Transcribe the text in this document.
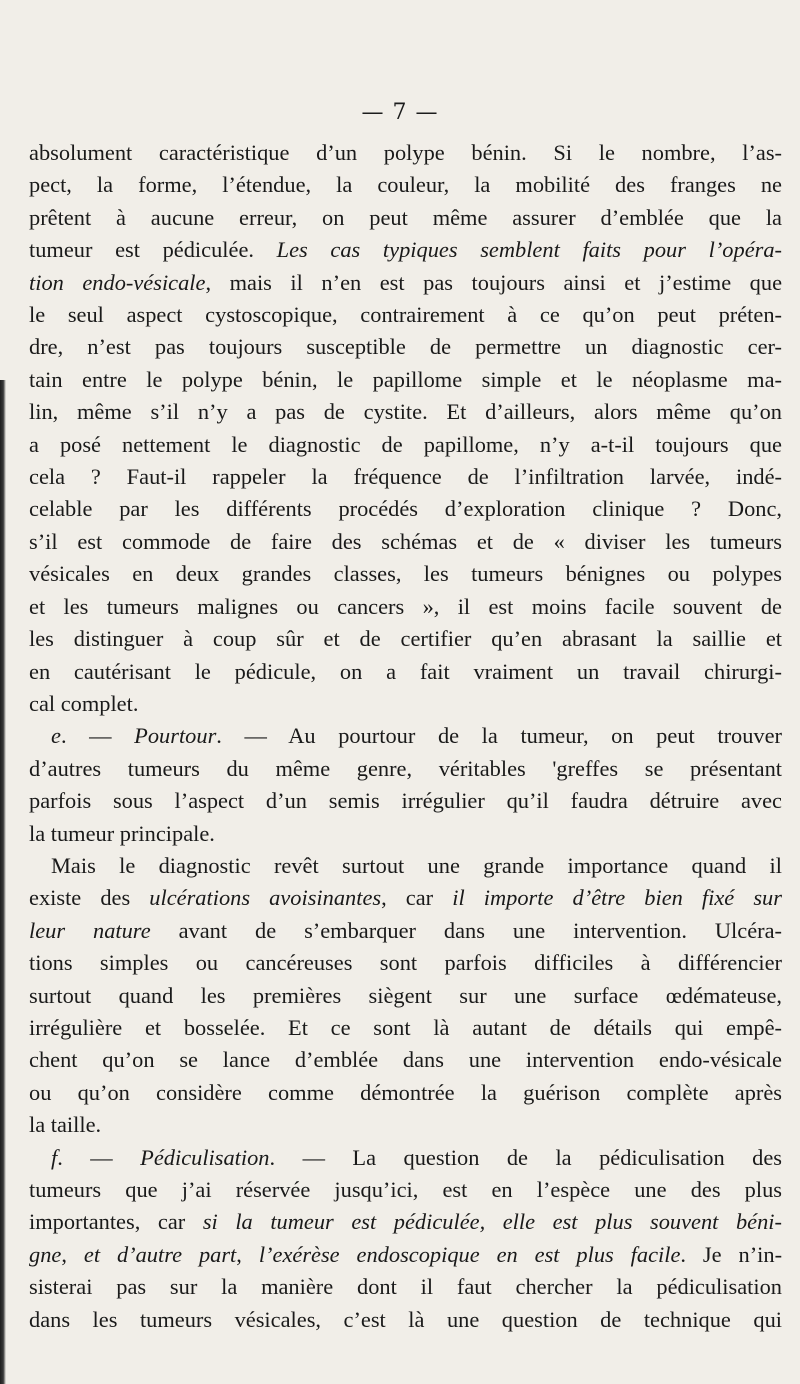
— 7 —

absolument caractéristique d’un polype bénin. Si le nombre, l’as-

pect, la forme, l’étendue, la couleur, la mobilité des franges ne

prêtent à aucune erreur, on peut même assurer d’emblée que la

tumeur est pédiculée. Les cas typiques semblent faits pour l’opéra-

tion endo-vésicale, mais il n’en est pas toujours ainsi et j’estime que

le seul aspect cystoscopique, contrairement à ce qu’on peut préten-

dre, n’est pas toujours susceptible de permettre un diagnostic cer-

tain entre le polype bénin, le papillome simple et le néoplasme ma-

lin, même s’il n’y a pas de cystite. Et d’ailleurs, alors même qu’on

a posé nettement le diagnostic de papillome, n’y a-t-il toujours que

cela ? Faut-il rappeler la fréquence de l’infiltration larvée, indé-

celable par les différents procédés d’exploration clinique ? Donc,

s’il est commode de faire des schémas et de « diviser les tumeurs

vésicales en deux grandes classes, les tumeurs bénignes ou polypes

et les tumeurs malignes ou cancers », il est moins facile souvent de

les distinguer à coup sûr et de certifier qu’en abrasant la saillie et

en cautérisant le pédicule, on a fait vraiment un travail chirurgi-

cal complet.

e. — Pourtour. — Au pourtour de la tumeur, on peut trouver

d’autres tumeurs du même genre, véritables 'greffes se présentant

parfois sous l’aspect d’un semis irrégulier qu’il faudra détruire avec

la tumeur principale.

Mais le diagnostic revêt surtout une grande importance quand il

existe des ulcérations avoisinantes, car il importe d’être bien fixé sur

leur nature avant de s’embarquer dans une intervention. Ulcéra-

tions simples ou cancéreuses sont parfois difficiles à différencier

surtout quand les premières siègent sur une surface œdémateuse,

irrégulière et bosselée. Et ce sont là autant de détails qui empê-

chent qu’on se lance d’emblée dans une intervention endo-vésicale

ou qu’on considère comme démontrée la guérison complète après

la taille.

f. — Pédiculisation. — La question de la pédiculisation des

tumeurs que j’ai réservée jusqu’ici, est en l’espèce une des plus

importantes, car si la tumeur est pédiculée, elle est plus souvent béni-

gne, et d’autre part, l’exérèse endoscopique en est plus facile. Je n’in-

sisterai pas sur la manière dont il faut chercher la pédiculisation

dans les tumeurs vésicales, c’est là une question de technique qui
